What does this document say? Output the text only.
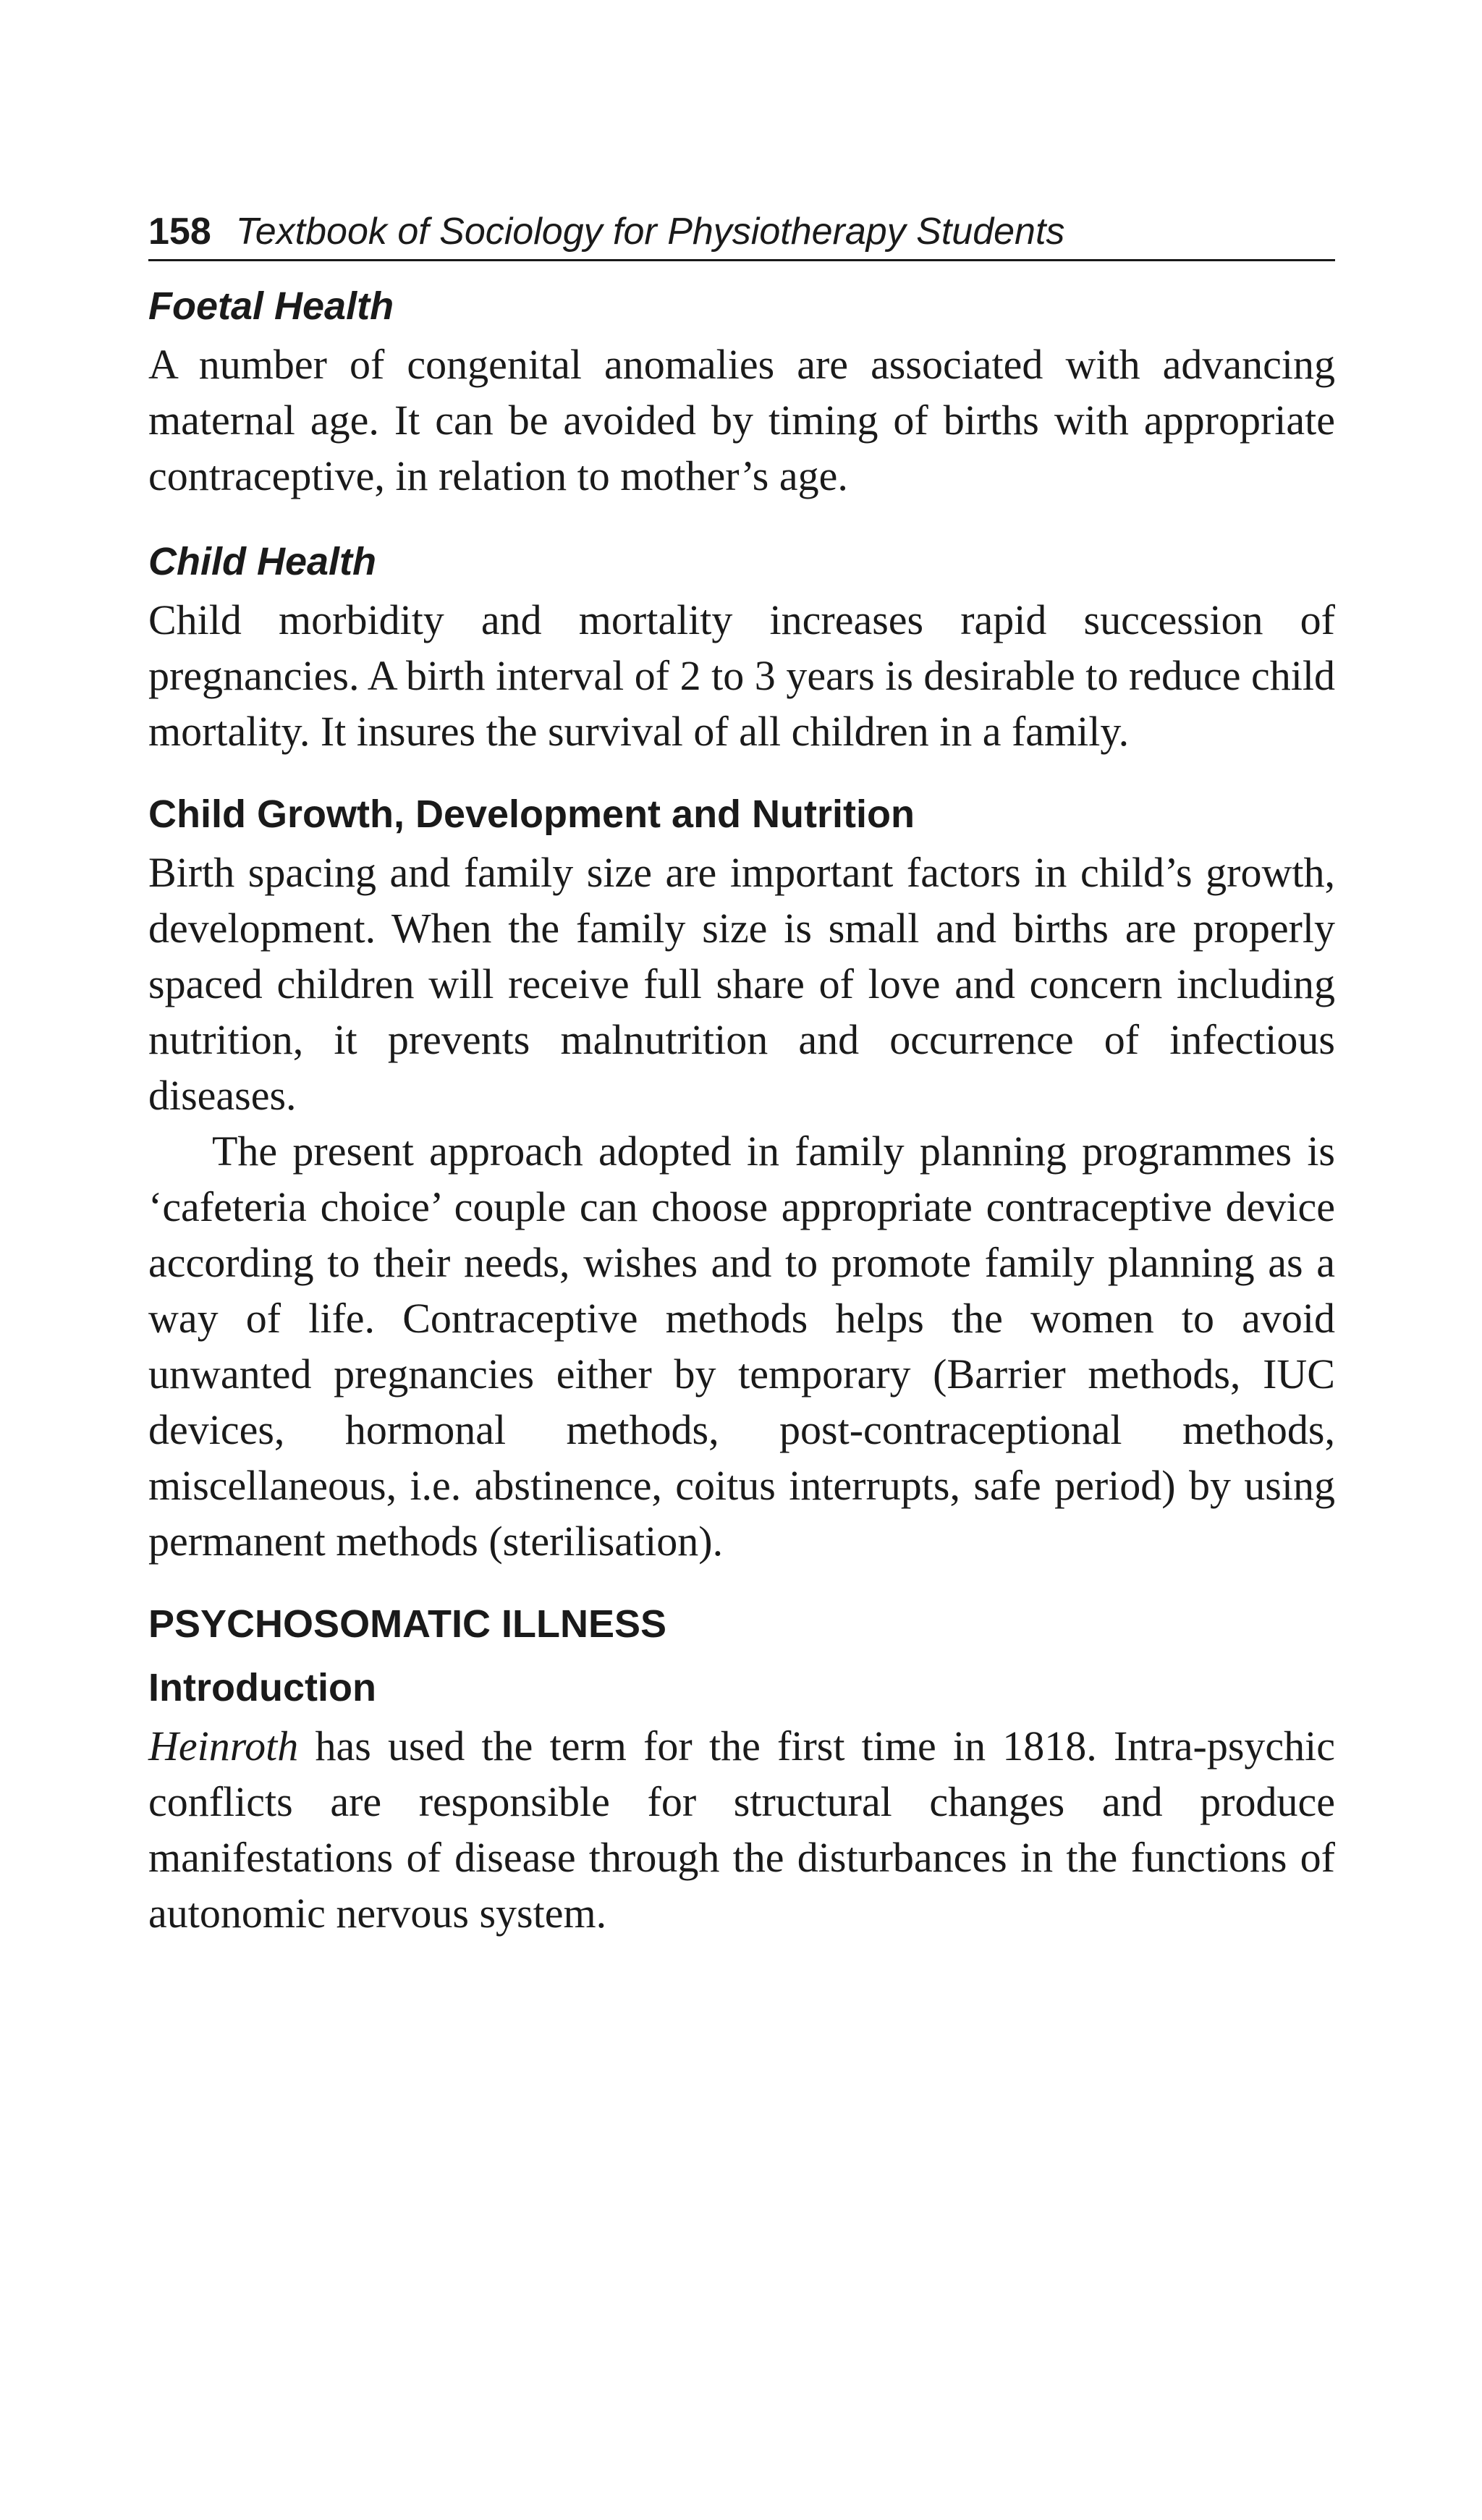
158 Textbook of Sociology for Physiotherapy Students
Foetal Health

A number of congenital anomalies are associated with advancing maternal age. It can be avoided by timing of births with appropriate contraceptive, in relation to mother’s age.

Child Health

Child morbidity and mortality increases rapid succession of pregnancies. A birth interval of 2 to 3 years is desirable to reduce child mortality. It insures the survival of all children in a family.

Child Growth, Development and Nutrition

Birth spacing and family size are important factors in child’s growth, development. When the family size is small and births are properly spaced children will receive full share of love and concern including nutrition, it prevents malnutrition and occurrence of infectious diseases.

The present approach adopted in family planning programmes is ‘cafeteria choice’ couple can choose appropriate contraceptive device according to their needs, wishes and to promote family planning as a way of life. Contraceptive methods helps the women to avoid unwanted pregnancies either by temporary (Barrier methods, IUC devices, hormonal methods, post-contraceptional methods, miscellaneous, i.e. abstinence, coitus interrupts, safe period) by using permanent methods (sterilisation).

PSYCHOSOMATIC ILLNESS
Introduction

Heinroth has used the term for the first time in 1818. Intra-psychic conflicts are responsible for structural changes and produce manifestations of disease through the disturbances in the functions of autonomic nervous system.
